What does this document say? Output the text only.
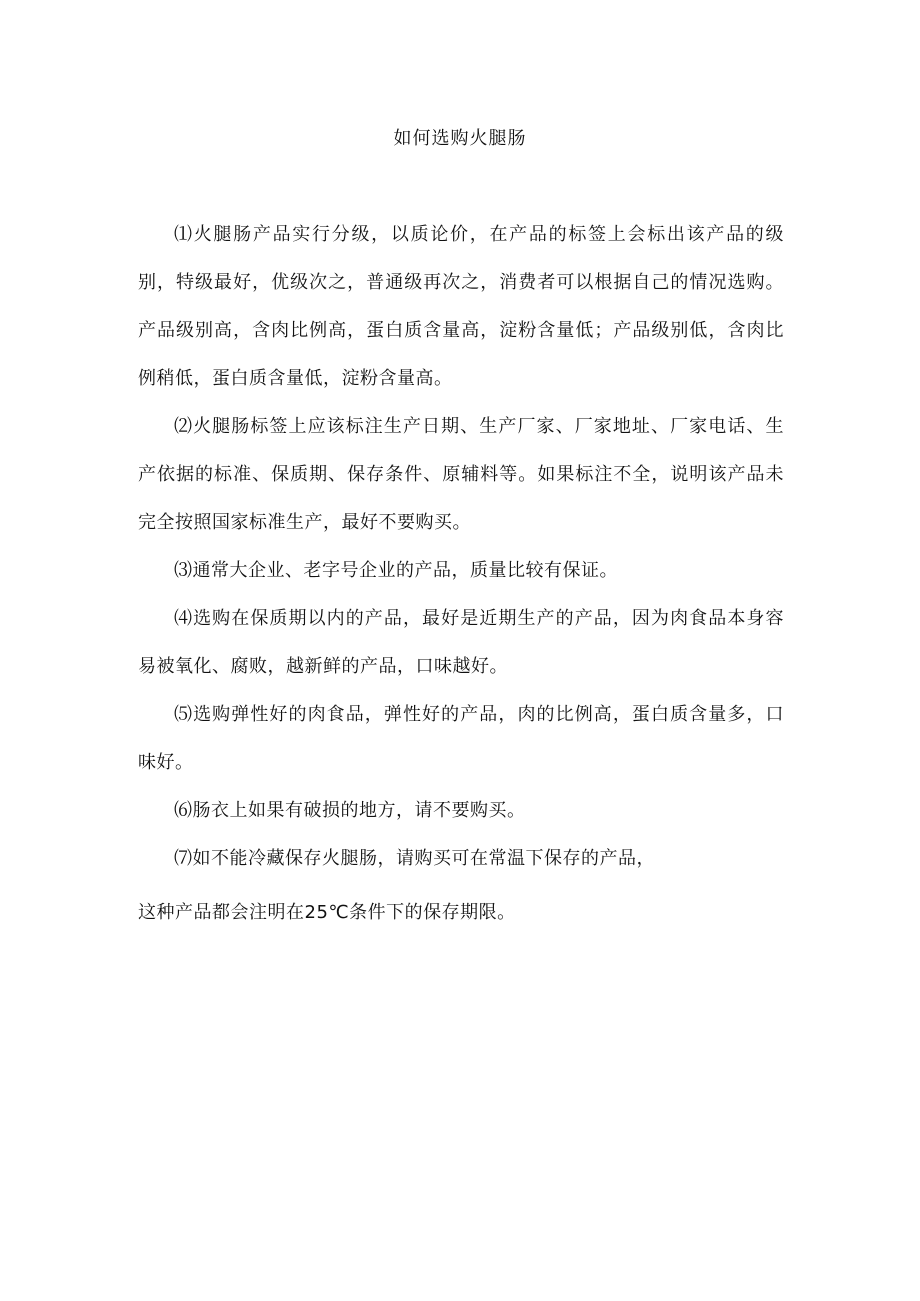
如何选购火腿肠

⑴火腿肠产品实行分级，以质论价，在产品的标签上会标出该产品的级别，特级最好，优级次之，普通级再次之，消费者可以根据自己的情况选购。产品级别高，含肉比例高，蛋白质含量高，淀粉含量低；产品级别低，含肉比例稍低，蛋白质含量低，淀粉含量高。

⑵火腿肠标签上应该标注生产日期、生产厂家、厂家地址、厂家电话、生产依据的标准、保质期、保存条件、原辅料等。如果标注不全，说明该产品未完全按照国家标准生产，最好不要购买。

⑶通常大企业、老字号企业的产品，质量比较有保证。

⑷选购在保质期以内的产品，最好是近期生产的产品，因为肉食品本身容易被氧化、腐败，越新鲜的产品，口味越好。

⑸选购弹性好的肉食品，弹性好的产品，肉的比例高，蛋白质含量多，口味好。

⑹肠衣上如果有破损的地方，请不要购买。

⑺如不能冷藏保存火腿肠，请购买可在常温下保存的产品，

这种产品都会注明在25℃条件下的保存期限。
